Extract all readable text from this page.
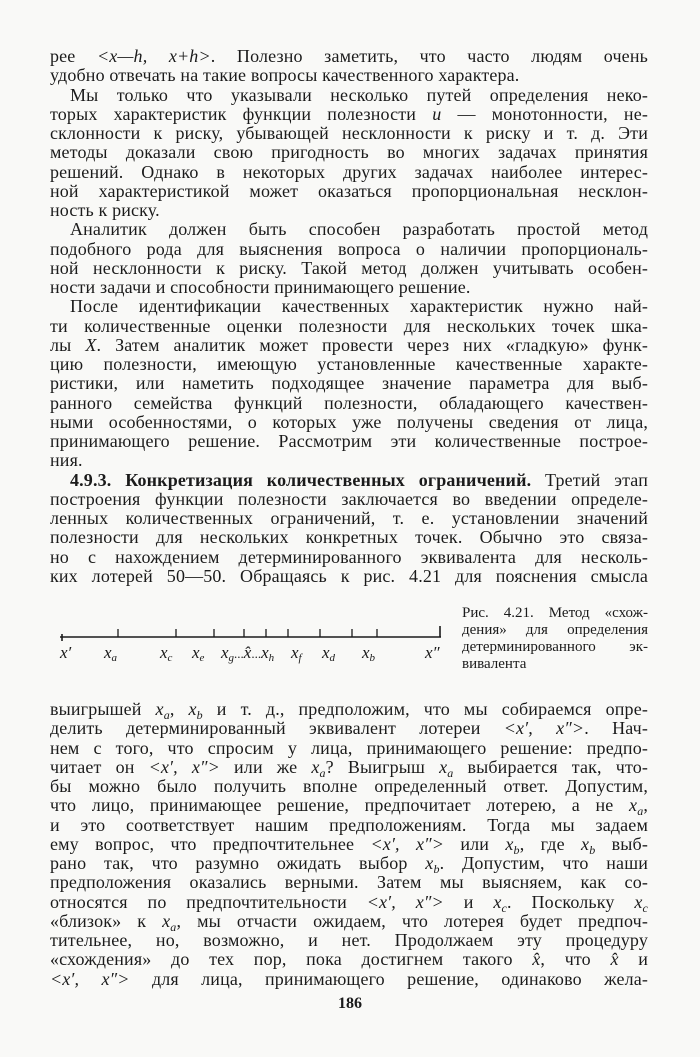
рее <x—h, x+h>. Полезно заметить, что часто людям очень
удобно отвечать на такие вопросы качественного характера.
Мы только что указывали несколько путей определения неко-
торых характеристик функции полезности u — монотонности, не-
склонности к риску, убывающей несклонности к риску и т. д. Эти
методы доказали свою пригодность во многих задачах принятия
решений. Однако в некоторых других задачах наиболее интерес-
ной характеристикой может оказаться пропорциональная несклон-
ность к риску.
Аналитик должен быть способен разработать простой метод
подобного рода для выяснения вопроса о наличии пропорциональ-
ной несклонности к риску. Такой метод должен учитывать особен-
ности задачи и способности принимающего решение.
После идентификации качественных характеристик нужно най-
ти количественные оценки полезности для нескольких точек шка-
лы X. Затем аналитик может провести через них «гладкую» функ-
цию полезности, имеющую установленные качественные характе-
ристики, или наметить подходящее значение параметра для выб-
ранного семейства функций полезности, обладающего качествен-
ными особенностями, о которых уже получены сведения от лица,
принимающего решение. Рассмотрим эти количественные построе-
ния.
4.9.3. Конкретизация количественных ограничений. Третий этап
построения функции полезности заключается во введении определе-
ленных количественных ограничений, т. е. установлении значений
полезности для нескольких конкретных точек. Обычно это связа-
но с нахождением детерминированного эквивалента для несколь-
ких лотерей 50—50. Обращаясь к рис. 4.21 для пояснения смысла
x′ xa	xc xe xg...x̂...xh xf xd xb	x″
Рис. 4.21. Метод «схож-
дения» для определения
детерминированного эк-
вивалента
выигрышей $x_a$, $x_b$ и т. д., предположим, что мы собираемся опре-
делить детерминированный эквивалент лотереи <x′, x″>. Нач-
нем с того, что спросим у лица, принимающего решение: предпо-
читает он <x′, x″> или же $x_a$? Выигрыш $x_a$ выбирается так, что-
бы можно было получить вполне определенный ответ. Допустим,
что лицо, принимающее решение, предпочитает лотерею, а не $x_a$,
и это соответствует нашим предположениям. Тогда мы задаем
ему вопрос, что предпочтительнее <x′, x″> или $x_b$, где $x_b$ выб-
рано так, что разумно ожидать выбор $x_b$. Допустим, что наши
предположения оказались верными. Затем мы выясняем, как со-
относятся по предпочтительности <x′, x″> и $x_c$. Поскольку $x_c$
«близок» к $x_a$, мы отчасти ожидаем, что лотерея будет предпоч-
тительнее, но, возможно, и нет. Продолжаем эту процедуру
«схождения» до тех пор, пока достигнем такого x̂, что x̂ и
<x′, x″> для лица, принимающего решение, одинаково жела-
186
